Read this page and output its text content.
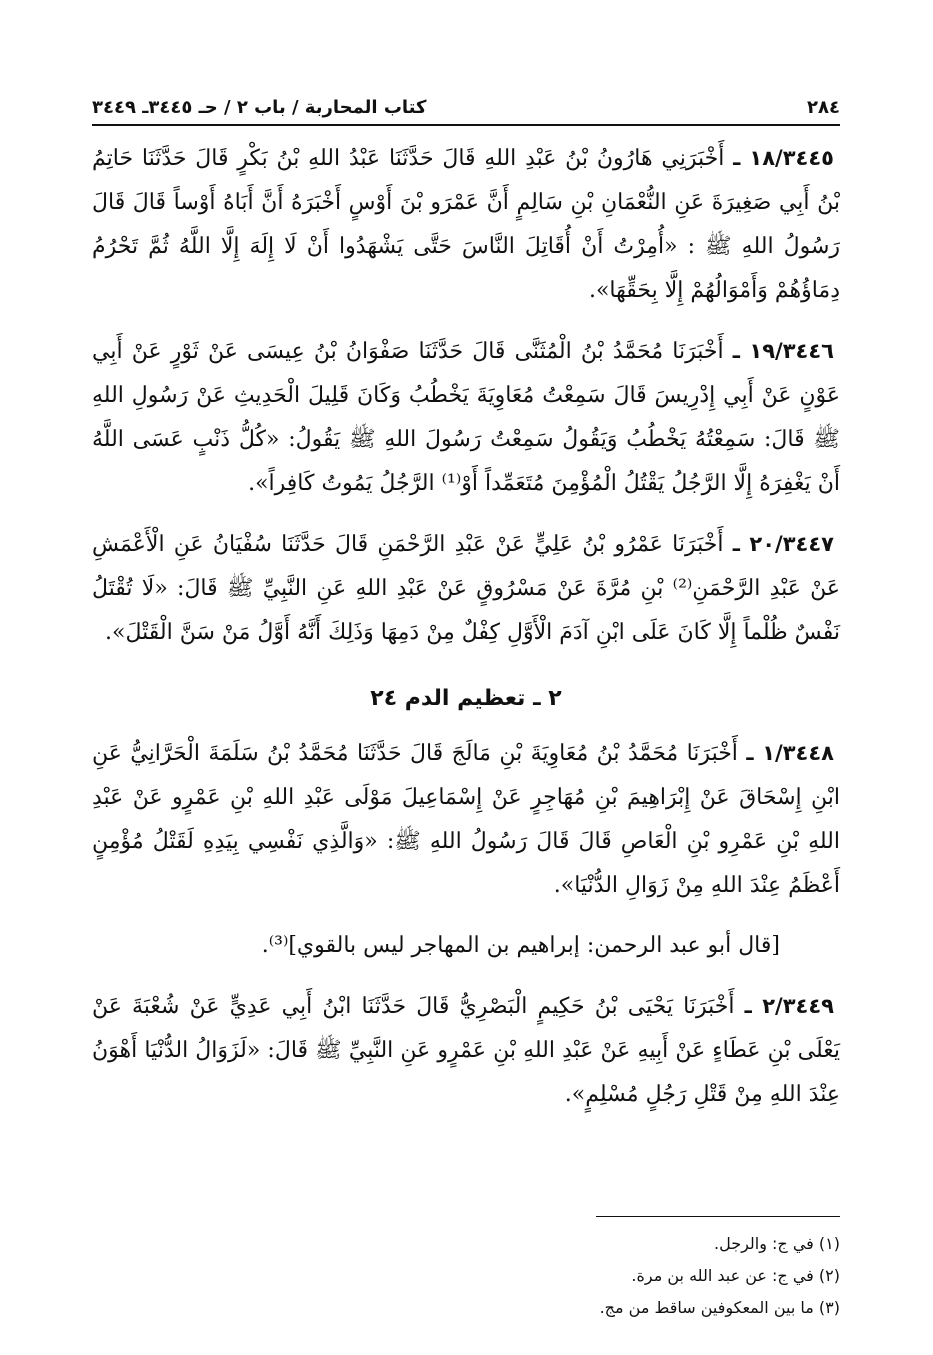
٢٨٤
كتاب المحاربة / باب ٢ / حـ ٣٤٤٥ـ ٣٤٤٩

١٨/٣٤٤٥ ـ أَخْبَرَنِي هَارُونُ بْنُ عَبْدِ اللهِ قَالَ حَدَّثَنَا عَبْدُ اللهِ بْنُ بَكْرٍ قَالَ حَدَّثَنَا حَاتِمُ بْنُ أَبِي صَغِيرَةَ عَنِ النُّعْمَانِ بْنِ سَالِمٍ أَنَّ عَمْرَو بْنَ أَوْسٍ أَخْبَرَهُ أَنَّ أَبَاهُ أَوْساً قَالَ قَالَ رَسُولُ اللهِ ﷺ : «أُمِرْتُ أَنْ أُقَاتِلَ النَّاسَ حَتَّى يَشْهَدُوا أَنْ لَا إِلَهَ إِلَّا اللَّهُ ثُمَّ تَحْرُمُ دِمَاؤُهُمْ وَأَمْوَالُهُمْ إِلَّا بِحَقِّهَا».

١٩/٣٤٤٦ ـ أَخْبَرَنَا مُحَمَّدُ بْنُ الْمُثَنَّى قَالَ حَدَّثَنَا صَفْوَانُ بْنُ عِيسَى عَنْ ثَوْرٍ عَنْ أَبِي عَوْنٍ عَنْ أَبِي إِدْرِيسَ قَالَ سَمِعْتُ مُعَاوِيَةَ يَخْطُبُ وَكَانَ قَلِيلَ الْحَدِيثِ عَنْ رَسُولِ اللهِ ﷺ قَالَ: سَمِعْتُهُ يَخْطُبُ وَيَقُولُ سَمِعْتُ رَسُولَ اللهِ ﷺ يَقُولُ: «كُلُّ ذَنْبٍ عَسَى اللَّهُ أَنْ يَغْفِرَهُ إِلَّا الرَّجُلُ يَقْتُلُ الْمُؤْمِنَ مُتَعَمِّداً أَوْ⁽¹⁾ الرَّجُلُ يَمُوتُ كَافِراً».

٢٠/٣٤٤٧ ـ أَخْبَرَنَا عَمْرُو بْنُ عَلِيٍّ عَنْ عَبْدِ الرَّحْمَنِ قَالَ حَدَّثَنَا سُفْيَانُ عَنِ الْأَعْمَشِ عَنْ عَبْدِ الرَّحْمَنِ⁽²⁾ بْنِ مُرَّةَ عَنْ مَسْرُوقٍ عَنْ عَبْدِ اللهِ عَنِ النَّبِيِّ ﷺ قَالَ: «لَا تُقْتَلُ نَفْسٌ ظُلْماً إِلَّا كَانَ عَلَى ابْنِ آدَمَ الْأَوَّلِ كِفْلٌ مِنْ دَمِهَا وَذَلِكَ أَنَّهُ أَوَّلُ مَنْ سَنَّ الْقَتْلَ».

٢ ـ تعظيم الدم ٢٤

١/٣٤٤٨ ـ أَخْبَرَنَا مُحَمَّدُ بْنُ مُعَاوِيَةَ بْنِ مَالَجَ قَالَ حَدَّثَنَا مُحَمَّدُ بْنُ سَلَمَةَ الْحَرَّانِيُّ عَنِ ابْنِ إِسْحَاقَ عَنْ إِبْرَاهِيمَ بْنِ مُهَاجِرٍ عَنْ إِسْمَاعِيلَ مَوْلَى عَبْدِ اللهِ بْنِ عَمْرٍو عَنْ عَبْدِ اللهِ بْنِ عَمْرِو بْنِ الْعَاصِ قَالَ قَالَ رَسُولُ اللهِ ﷺ: «وَالَّذِي نَفْسِي بِيَدِهِ لَقَتْلُ مُؤْمِنٍ أَعْظَمُ عِنْدَ اللهِ مِنْ زَوَالِ الدُّنْيَا».

[قال أبو عبد الرحمن: إبراهيم بن المهاجر ليس بالقوي]⁽³⁾.

٢/٣٤٤٩ ـ أَخْبَرَنَا يَحْيَى بْنُ حَكِيمٍ الْبَصْرِيُّ قَالَ حَدَّثَنَا ابْنُ أَبِي عَدِيٍّ عَنْ شُعْبَةَ عَنْ يَعْلَى بْنِ عَطَاءٍ عَنْ أَبِيهِ عَنْ عَبْدِ اللهِ بْنِ عَمْرٍو عَنِ النَّبِيِّ ﷺ قَالَ: «لَزَوَالُ الدُّنْيَا أَهْوَنُ عِنْدَ اللهِ مِنْ قَتْلِ رَجُلٍ مُسْلِمٍ».

(١) في ج: والرجل.

(٢) في ج: عن عبد الله بن مرة.

(٣) ما بين المعكوفين ساقط من مج.
